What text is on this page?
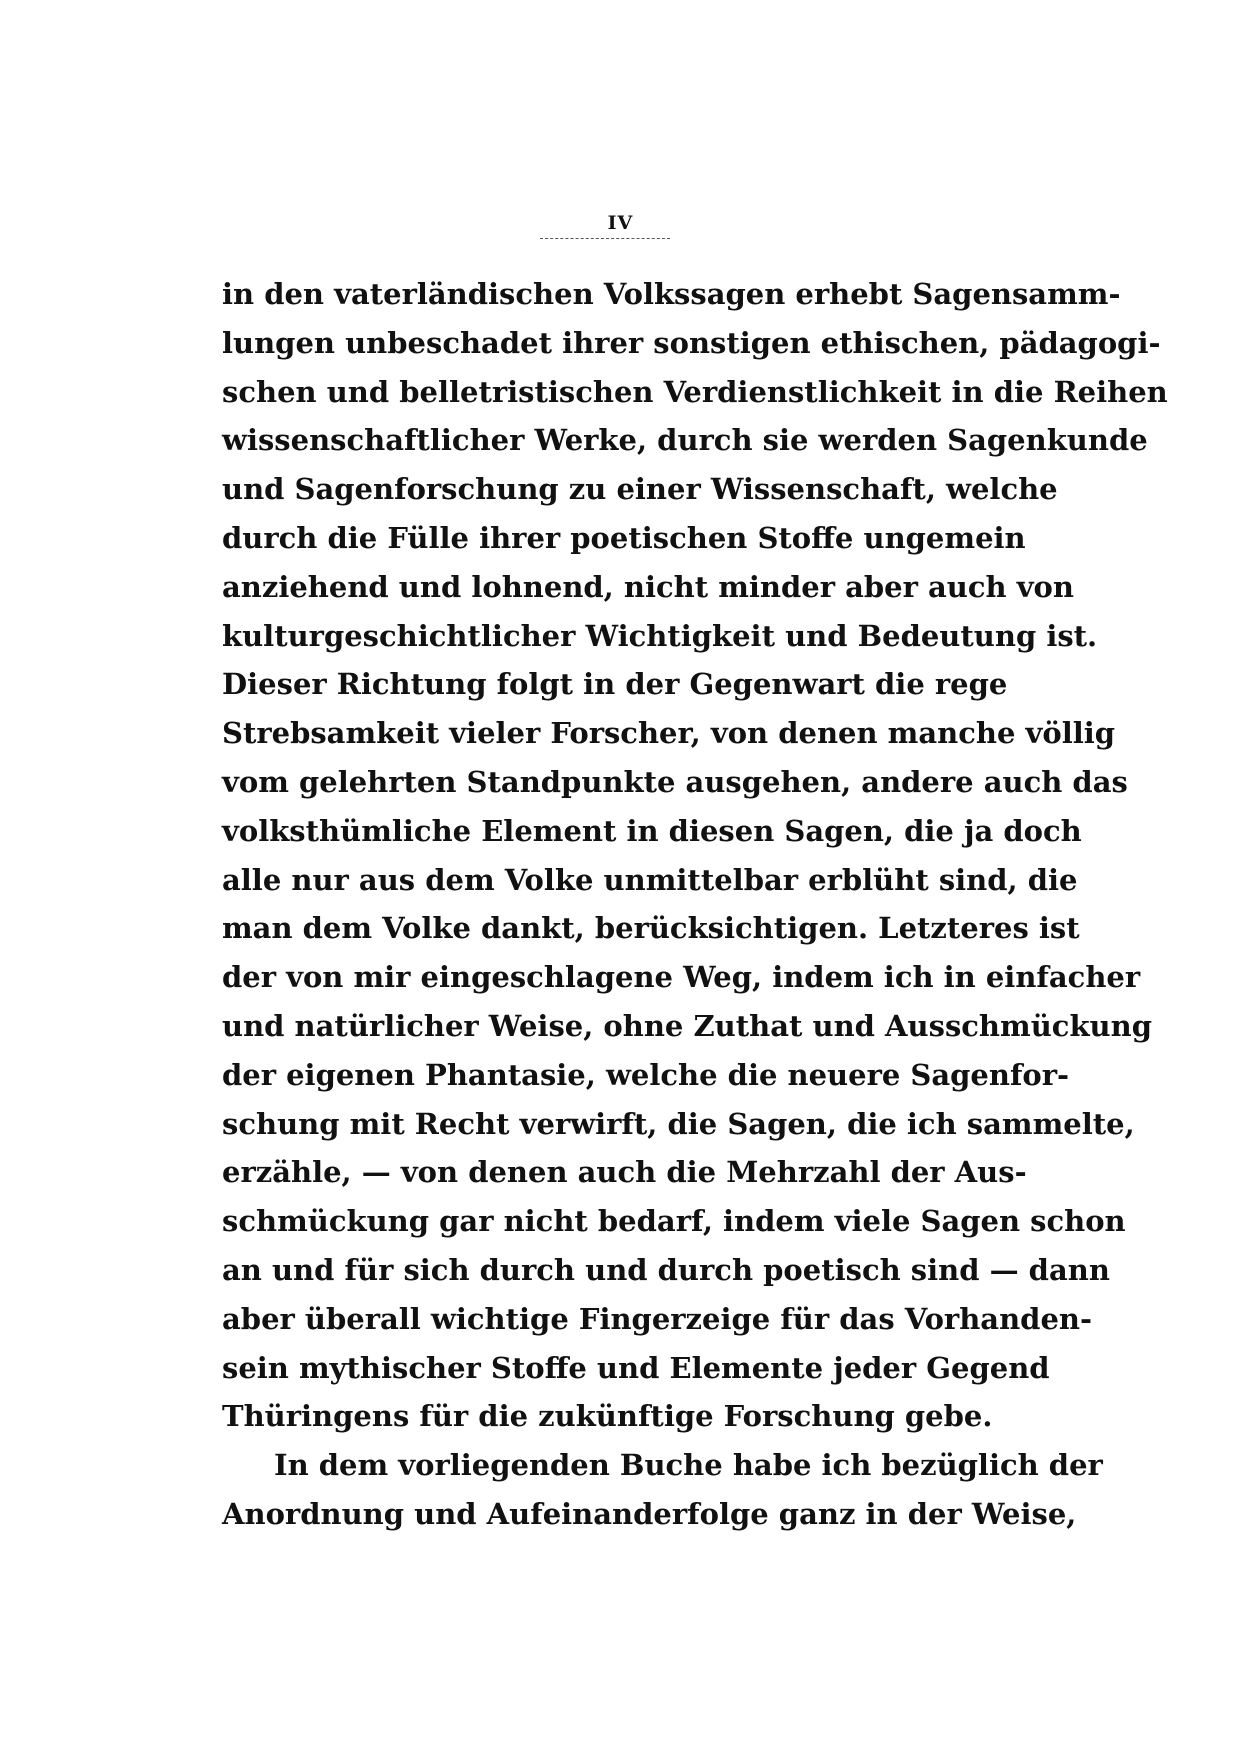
IV
in den vaterländischen Volkssagen erhebt Sagensamm-
lungen unbeschadet ihrer sonstigen ethischen, pädagogi-
schen und belletristischen Verdienstlichkeit in die Reihen
wissenschaftlicher Werke, durch sie werden Sagenkunde
und Sagenforschung zu einer Wissenschaft, welche
durch die Fülle ihrer poetischen Stoffe ungemein
anziehend und lohnend, nicht minder aber auch von
kulturgeschichtlicher Wichtigkeit und Bedeutung ist.
Dieser Richtung folgt in der Gegenwart die rege
Strebsamkeit vieler Forscher, von denen manche völlig
vom gelehrten Standpunkte ausgehen, andere auch das
volksthümliche Element in diesen Sagen, die ja doch
alle nur aus dem Volke unmittelbar erblüht sind, die
man dem Volke dankt, berücksichtigen. Letzteres ist
der von mir eingeschlagene Weg, indem ich in einfacher
und natürlicher Weise, ohne Zuthat und Ausschmückung
der eigenen Phantasie, welche die neuere Sagenfor-
schung mit Recht verwirft, die Sagen, die ich sammelte,
erzähle, — von denen auch die Mehrzahl der Aus-
schmückung gar nicht bedarf, indem viele Sagen schon
an und für sich durch und durch poetisch sind — dann
aber überall wichtige Fingerzeige für das Vorhanden-
sein mythischer Stoffe und Elemente jeder Gegend
Thüringens für die zukünftige Forschung gebe.
In dem vorliegenden Buche habe ich bezüglich der
Anordnung und Aufeinanderfolge ganz in der Weise,
